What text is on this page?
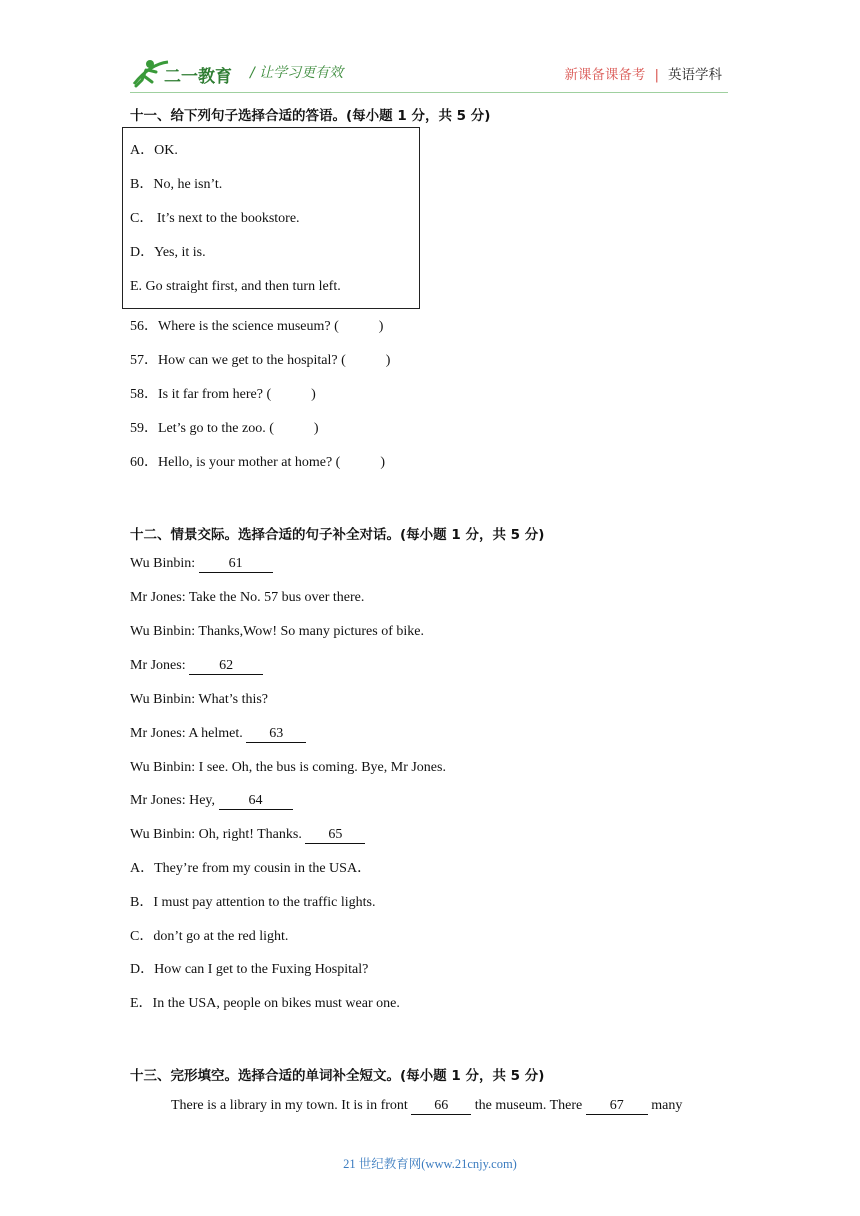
二一教育 / 让学习更有效	新课备课备考 | 英语学科
十一、给下列句子选择合适的答语。(每小题 1 分，共 5 分)
A．OK.
B．No, he isn’t.
C． It’s next to the bookstore.
D．Yes, it is.
E. Go straight first, and then turn left.
56．Where is the science museum? (	)
57．How can we get to the hospital? (	)
58．Is it far from here? (	)
59．Let’s go to the zoo. (	)
60．Hello, is your mother at home? (	)
十二、情景交际。选择合适的句子补全对话。(每小题 1 分，共 5 分)
Wu Binbin: 61
Mr Jones: Take the No. 57 bus over there.
Wu Binbin: Thanks,Wow! So many pictures of bike.
Mr Jones: 62
Wu Binbin: What’s this?
Mr Jones: A helmet. 63
Wu Binbin: I see. Oh, the bus is coming. Bye, Mr Jones.
Mr Jones: Hey, 64
Wu Binbin: Oh, right! Thanks. 65
A．They’re from my cousin in the USA．
B．I must pay attention to the traffic lights.
C．don’t go at the red light.
D．How can I get to the Fuxing Hospital?
E．In the USA, people on bikes must wear one.
十三、完形填空。选择合适的单词补全短文。(每小题 1 分，共 5 分)
There is a library in my town. It is in front 66 the museum. There 67 many
21 世纪教育网(www.21cnjy.com)
